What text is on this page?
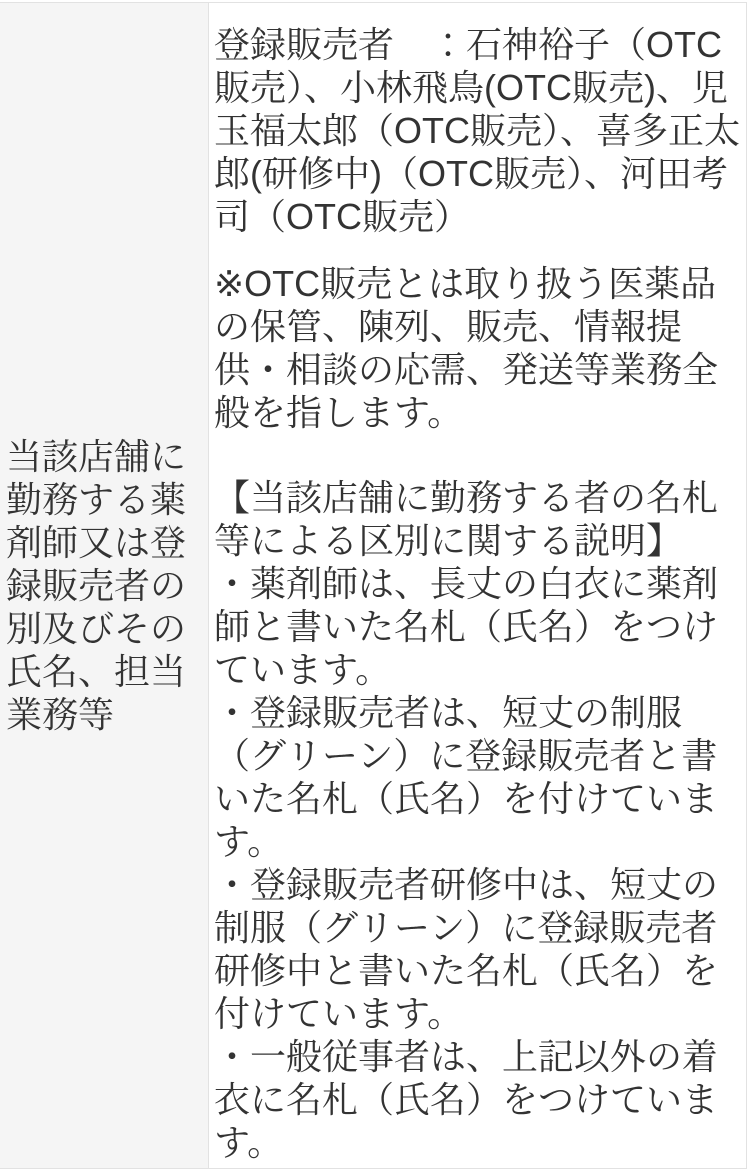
当該店舗に勤務する薬剤師又は登録販売者の別及びその氏名、担当業務等	

登録販売者　：石神裕子（OTC販売）、小林飛鳥(OTC販売)、児玉福太郎（OTC販売）、喜多正太郎(研修中)（OTC販売）、河田考司（OTC販売）

※OTC販売とは取り扱う医薬品の保管、陳列、販売、情報提供・相談の応需、発送等業務全般を指します。

【当該店舗に勤務する者の名札等による区別に関する説明】

・薬剤師は、長丈の白衣に薬剤師と書いた名札（氏名）をつけています。

・登録販売者は、短丈の制服（グリーン）に登録販売者と書いた名札（氏名）を付けています。

・登録販売者研修中は、短丈の制服（グリーン）に登録販売者研修中と書いた名札（氏名）を付けています。

・一般従事者は、上記以外の着衣に名札（氏名）をつけています。
